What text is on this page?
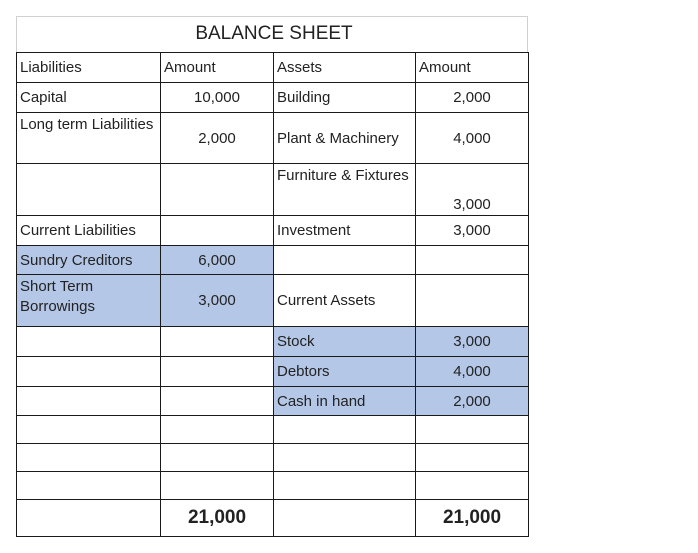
BALANCE SHEET
Liabilities	Amount	Assets	Amount
Capital	10,000	Building	2,000
Long term Liabilities	2,000	Plant & Machinery	4,000
		Furniture & Fixtures	3,000
Current Liabilities		Investment	3,000
Sundry Creditors	6,000		
Short Term Borrowings	3,000	Current Assets	
		Stock	3,000
		Debtors	4,000
		Cash in hand	2,000

	21,000		21,000
